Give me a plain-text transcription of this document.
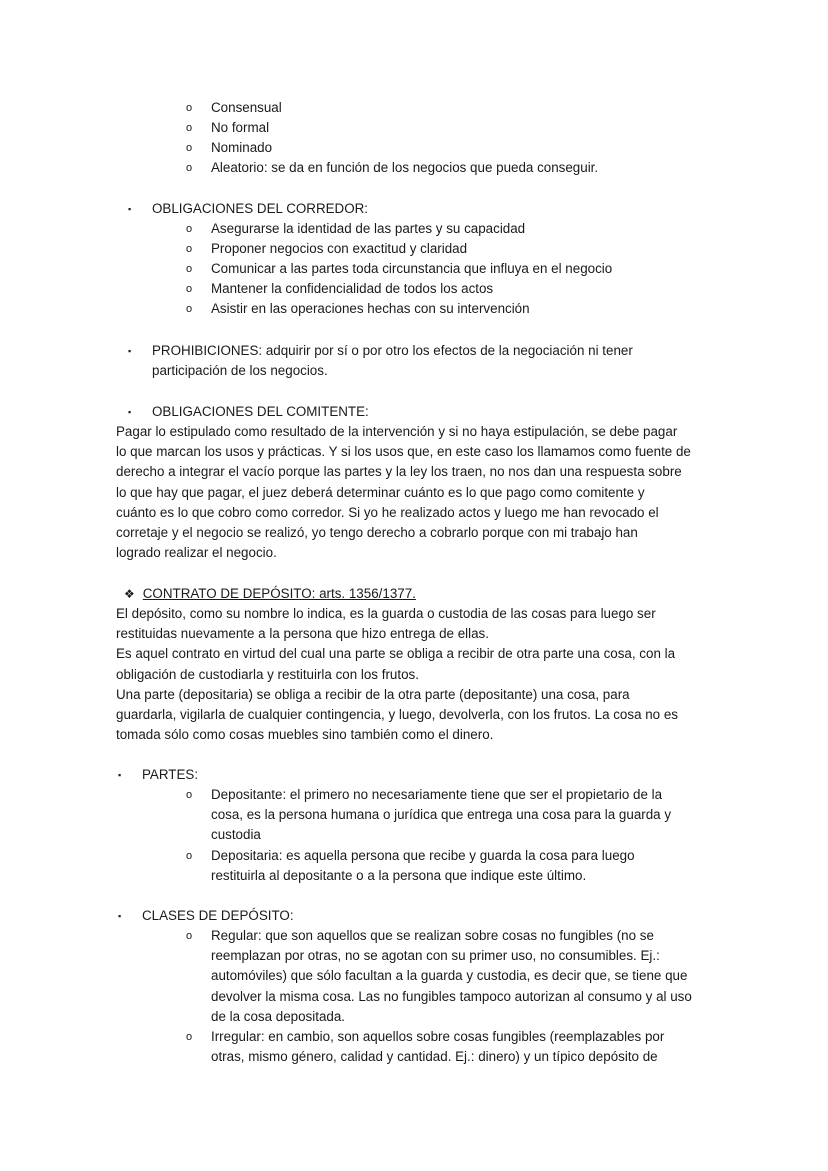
o Consensual
o No formal
o Nominado
o Aleatorio: se da en función de los negocios que pueda conseguir.
▪ OBLIGACIONES DEL CORREDOR:
o Asegurarse la identidad de las partes y su capacidad
o Proponer negocios con exactitud y claridad
o Comunicar a las partes toda circunstancia que influya en el negocio
o Mantener la confidencialidad de todos los actos
o Asistir en las operaciones hechas con su intervención
▪ PROHIBICIONES: adquirir por sí o por otro los efectos de la negociación ni tener
participación de los negocios.
▪ OBLIGACIONES DEL COMITENTE:

Pagar lo estipulado como resultado de la intervención y si no haya estipulación, se debe pagar

lo que marcan los usos y prácticas. Y si los usos que, en este caso los llamamos como fuente de

derecho a integrar el vacío porque las partes y la ley los traen, no nos dan una respuesta sobre

lo que hay que pagar, el juez deberá determinar cuánto es lo que pago como comitente y

cuánto es lo que cobro como corredor. Si yo he realizado actos y luego me han revocado el

corretaje y el negocio se realizó, yo tengo derecho a cobrarlo porque con mi trabajo han

logrado realizar el negocio.

❖ CONTRATO DE DEPÓSITO: arts. 1356/1377.

El depósito, como su nombre lo indica, es la guarda o custodia de las cosas para luego ser

restituidas nuevamente a la persona que hizo entrega de ellas.

Es aquel contrato en virtud del cual una parte se obliga a recibir de otra parte una cosa, con la

obligación de custodiarla y restituirla con los frutos.

Una parte (depositaria) se obliga a recibir de la otra parte (depositante) una cosa, para

guardarla, vigilarla de cualquier contingencia, y luego, devolverla, con los frutos. La cosa no es

tomada sólo como cosas muebles sino también como el dinero.

▪ PARTES:
o Depositante: el primero no necesariamente tiene que ser el propietario de la
cosa, es la persona humana o jurídica que entrega una cosa para la guarda y
custodia
o Depositaria: es aquella persona que recibe y guarda la cosa para luego
restituirla al depositante o a la persona que indique este último.
▪ CLASES DE DEPÓSITO:
o Regular: que son aquellos que se realizan sobre cosas no fungibles (no se
reemplazan por otras, no se agotan con su primer uso, no consumibles. Ej.:
automóviles) que sólo facultan a la guarda y custodia, es decir que, se tiene que
devolver la misma cosa. Las no fungibles tampoco autorizan al consumo y al uso
de la cosa depositada.
o Irregular: en cambio, son aquellos sobre cosas fungibles (reemplazables por
otras, mismo género, calidad y cantidad. Ej.: dinero) y un típico depósito de
